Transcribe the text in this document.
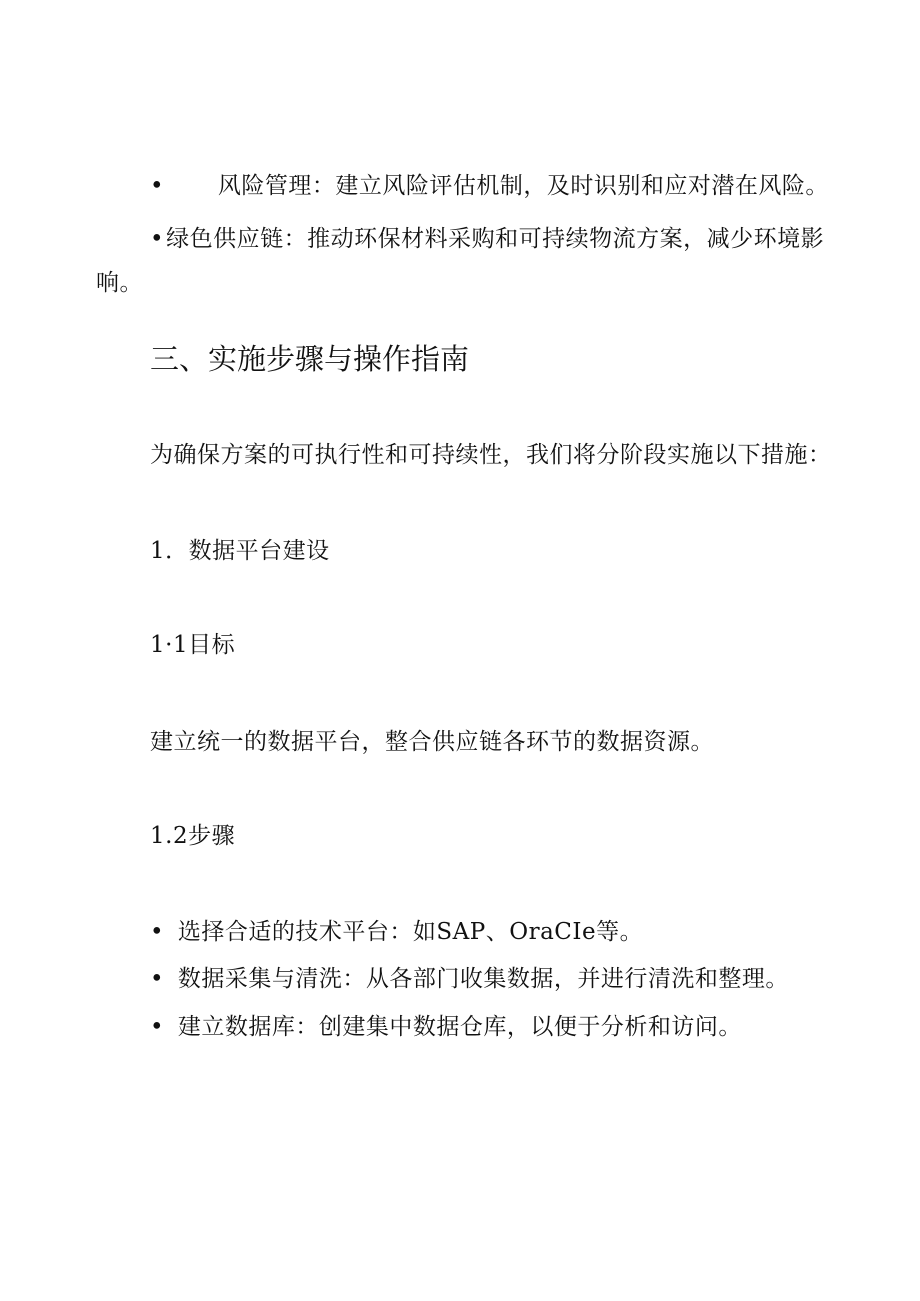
• 风险管理：建立风险评估机制，及时识别和应对潜在风险。
•绿色供应链：推动环保材料采购和可持续物流方案，减少环境影
响。
三、实施步骤与操作指南
为确保方案的可执行性和可持续性，我们将分阶段实施以下措施：
1．数据平台建设
1·1目标
建立统一的数据平台，整合供应链各环节的数据资源。
1.2步骤
• 选择合适的技术平台：如SAP、OraCIe等。
• 数据采集与清洗：从各部门收集数据，并进行清洗和整理。
• 建立数据库：创建集中数据仓库，以便于分析和访问。
